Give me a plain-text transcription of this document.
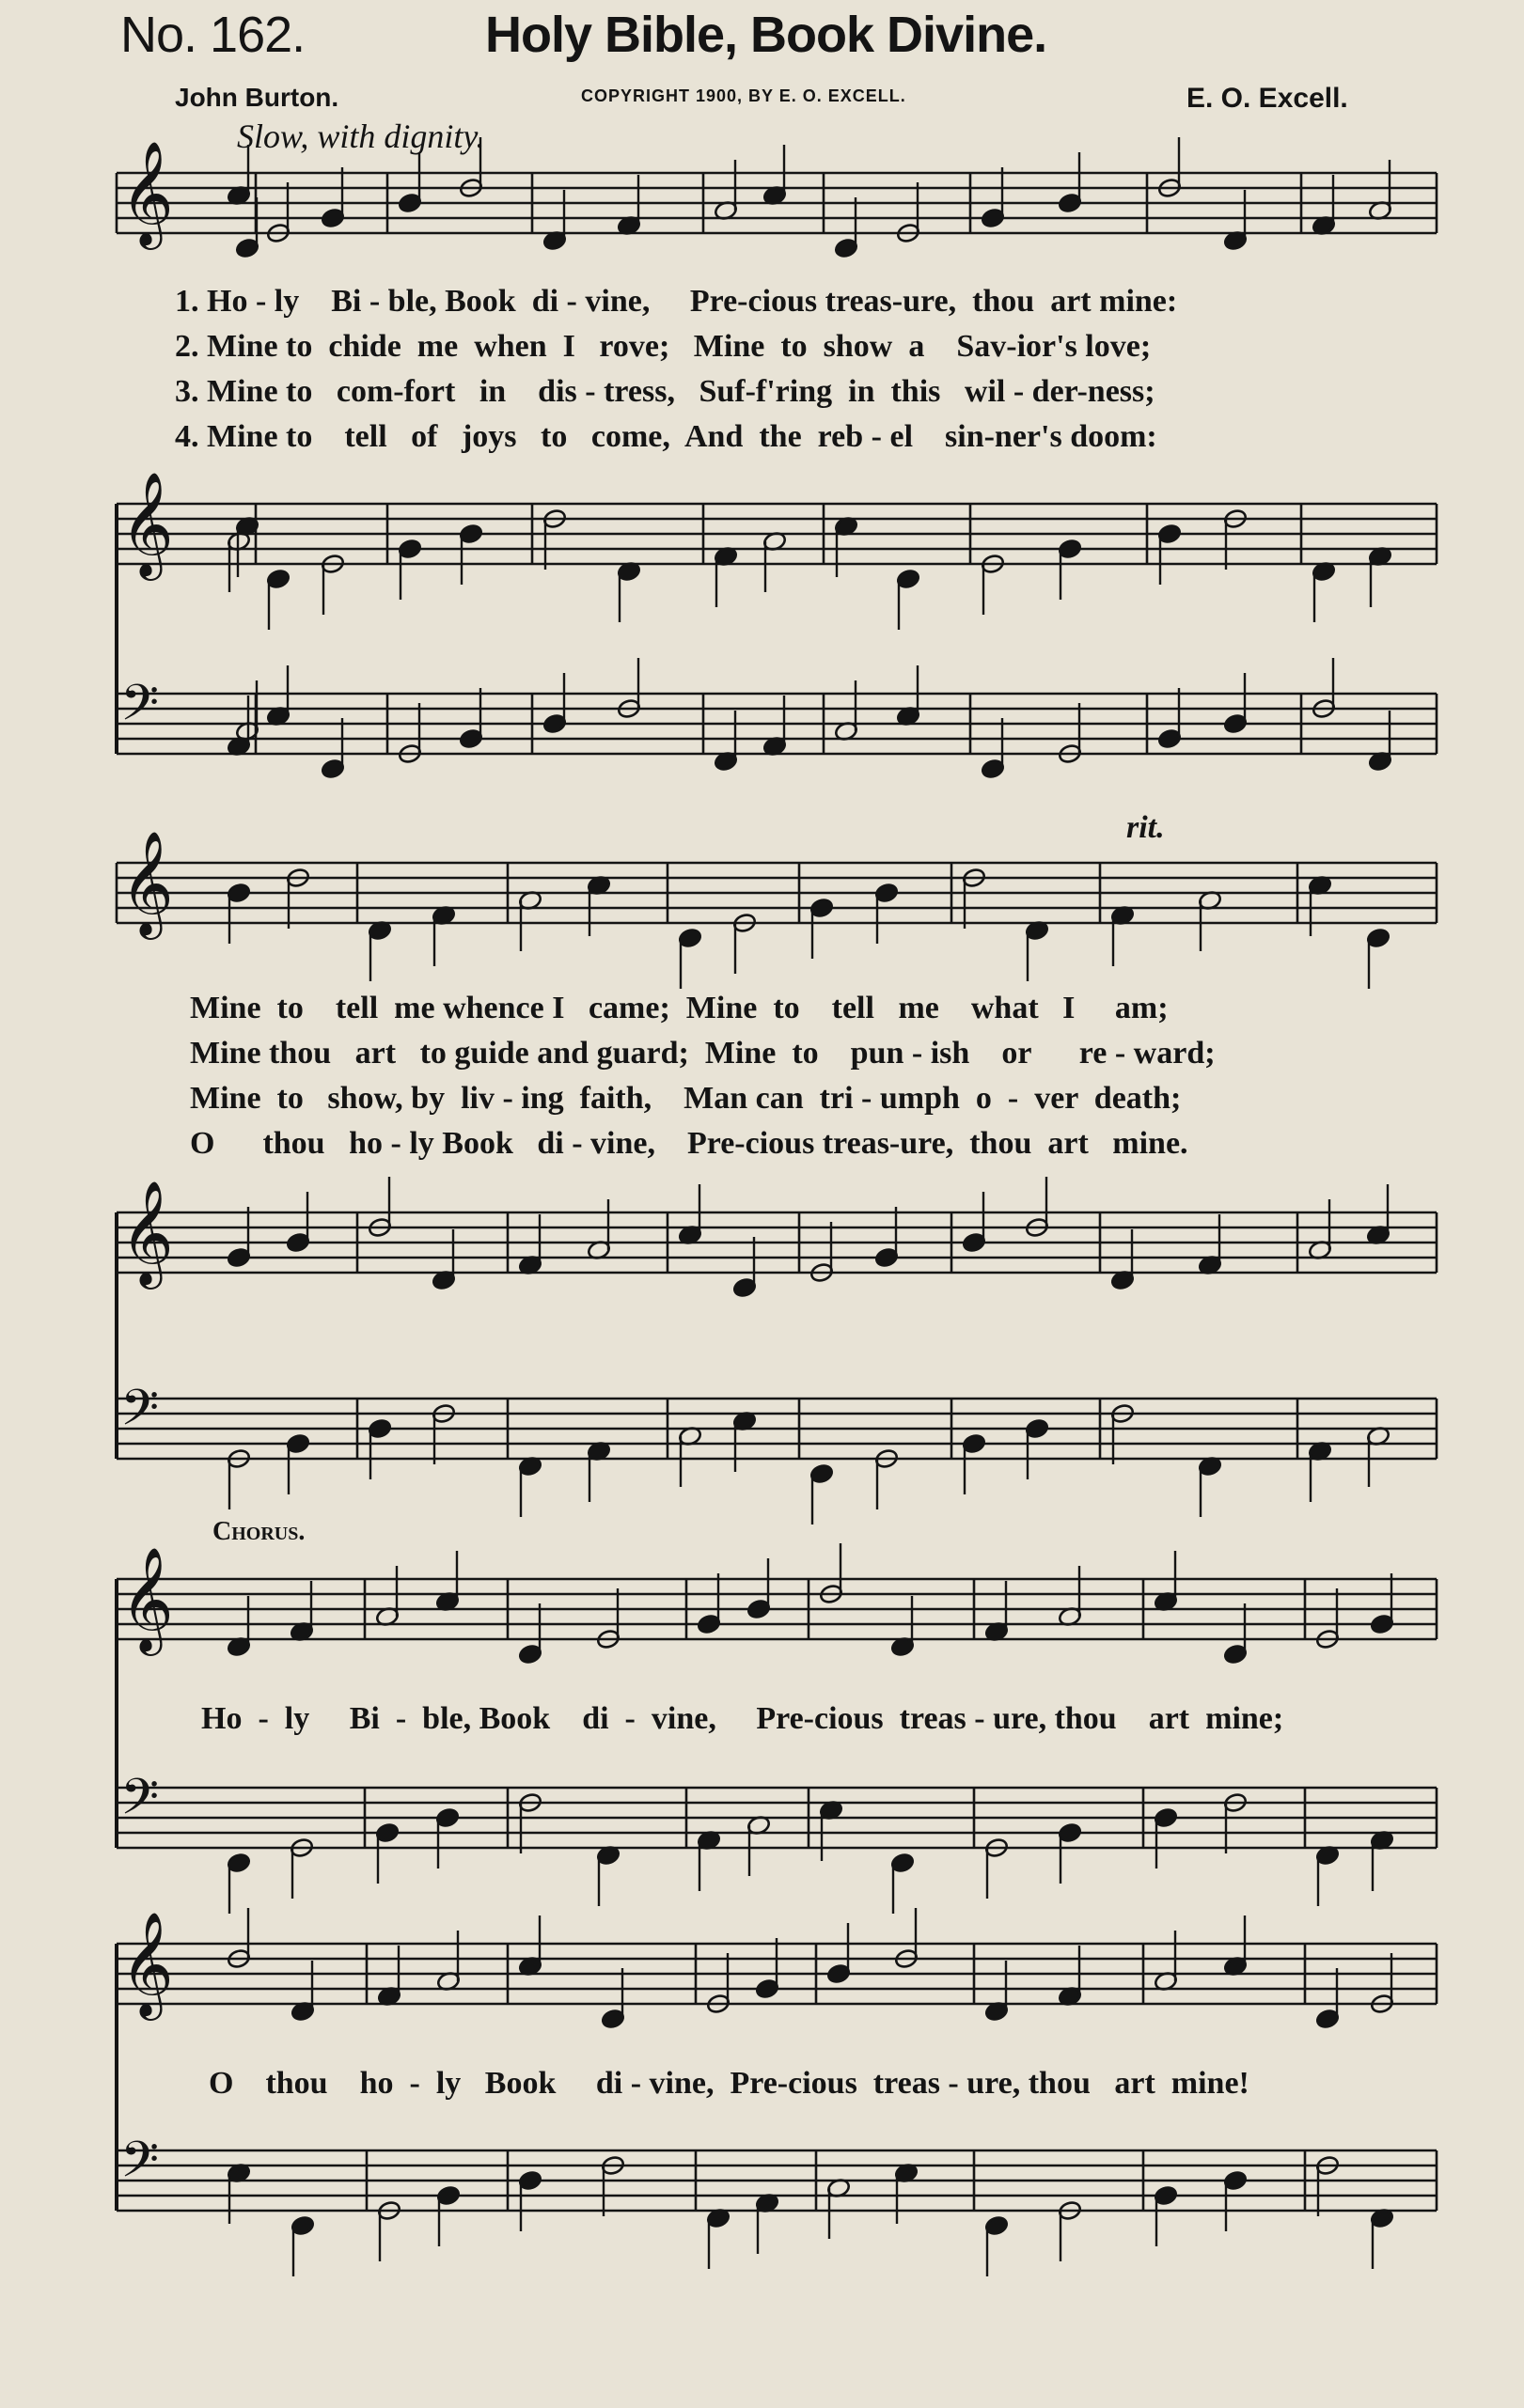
No. 162.	Holy Bible, Book Divine.
John Burton.	COPYRIGHT 1900, BY E. O. EXCELL.	E. O. Excell.
Slow, with dignity.
rit.
Chorus.
𝄞
𝄞
𝄢
𝄞
𝄞
𝄢
𝄞
𝄢
𝄞
𝄢
1. Ho - ly    Bi - ble, Book  di - vine,     Pre-cious treas-ure,  thou  art mine:
2. Mine to  chide  me  when  I   rove;   Mine  to  show  a    Sav-ior's love;
3. Mine to   com-fort   in    dis - tress,   Suf-f'ring  in  this   wil - der-ness;
4. Mine to    tell   of   joys   to   come,  And  the  reb - el    sin-ner's doom:
Mine  to    tell  me whence I   came;  Mine  to    tell   me    what   I     am;
Mine thou   art   to guide and guard;  Mine  to    pun - ish    or      re - ward;
Mine  to   show, by  liv - ing  faith,    Man can  tri - umph  o  -  ver  death;
O      thou   ho - ly Book   di - vine,    Pre-cious treas-ure,  thou  art   mine.
Ho  -  ly     Bi  -  ble, Book    di  -  vine,     Pre-cious  treas - ure, thou    art  mine;
O    thou    ho  -  ly   Book     di - vine,  Pre-cious  treas - ure, thou   art  mine!
